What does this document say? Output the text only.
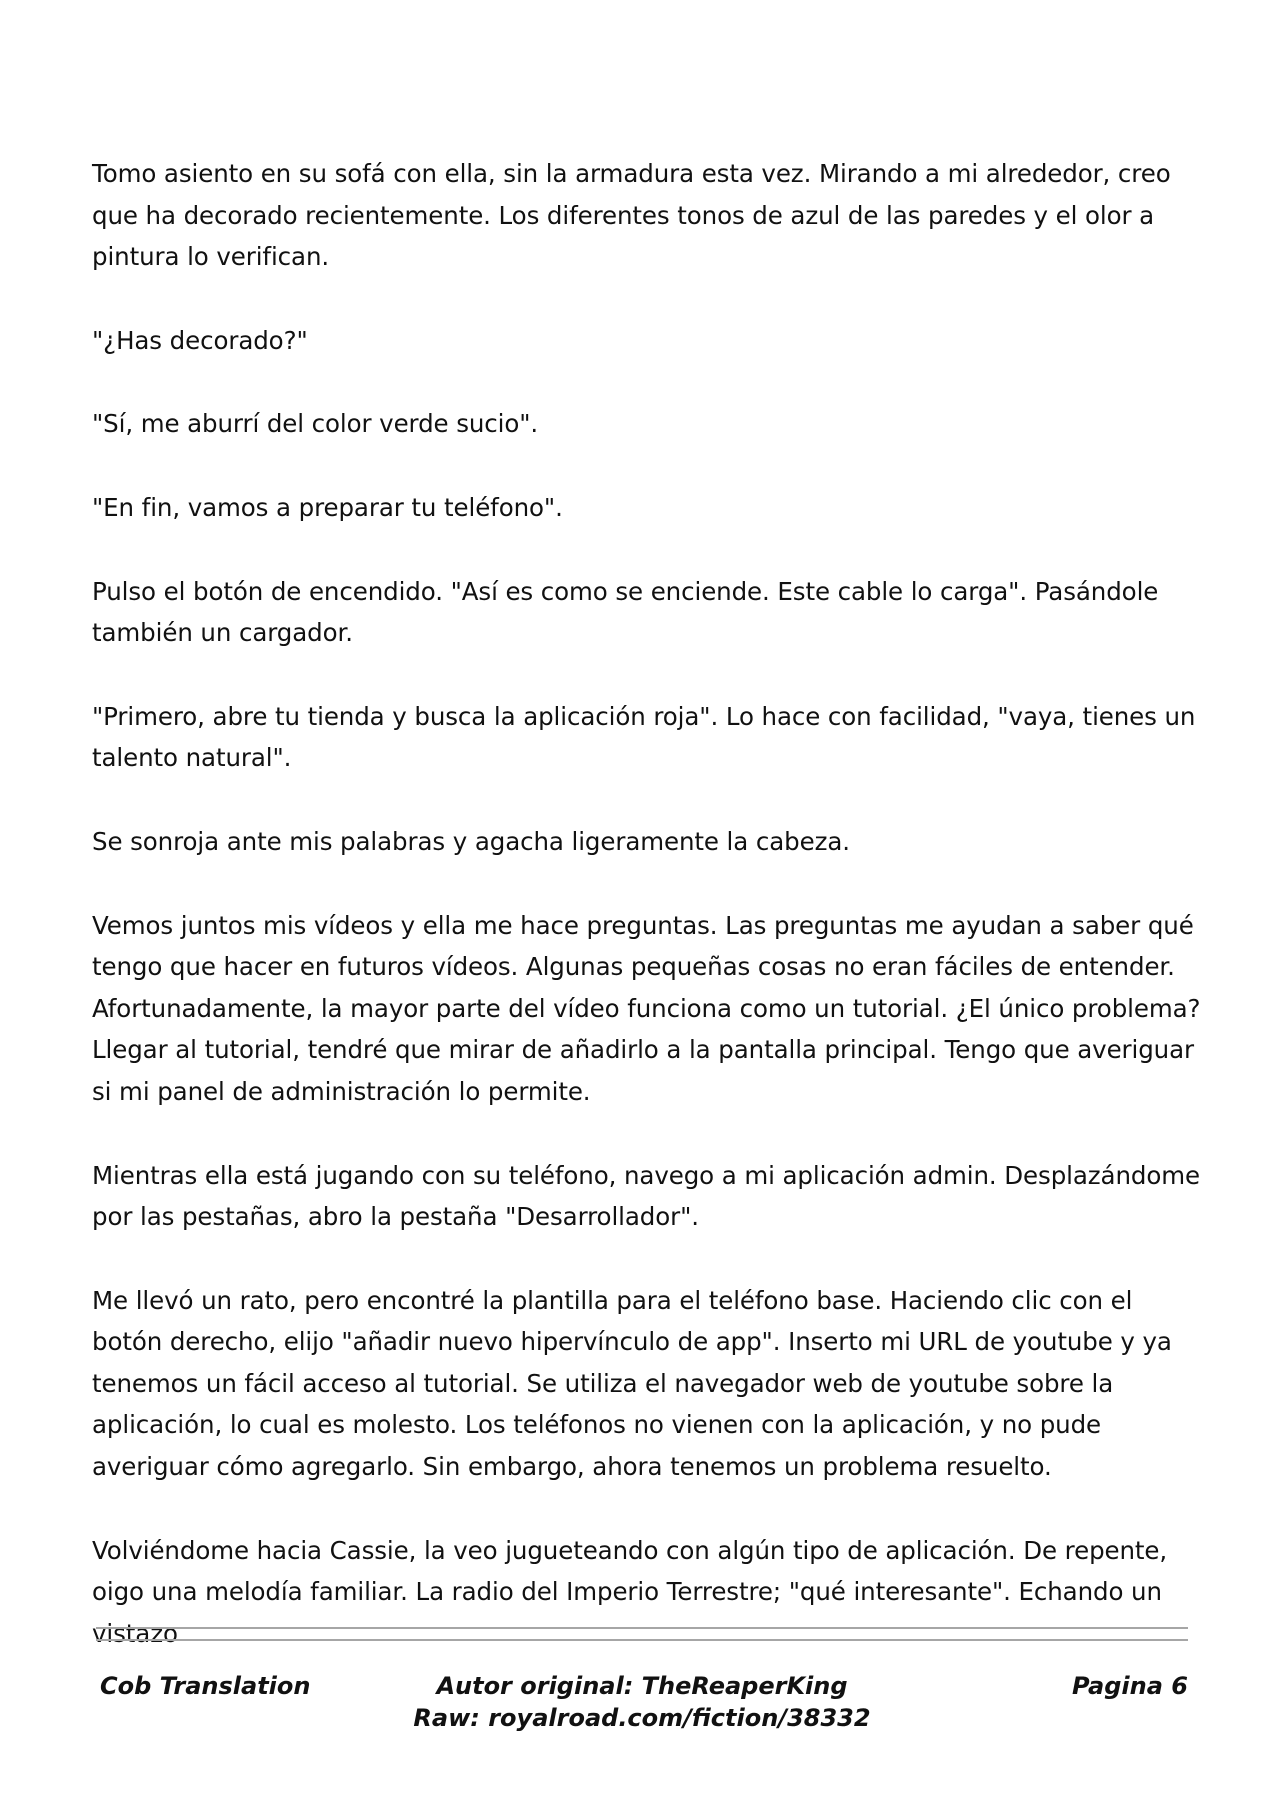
Tomo asiento en su sofá con ella, sin la armadura esta vez. Mirando a mi alrededor, creo que ha decorado recientemente. Los diferentes tonos de azul de las paredes y el olor a pintura lo verifican.

"¿Has decorado?"

"Sí, me aburrí del color verde sucio".

"En fin, vamos a preparar tu teléfono".

Pulso el botón de encendido. "Así es como se enciende. Este cable lo carga". Pasándole también un cargador.

"Primero, abre tu tienda y busca la aplicación roja". Lo hace con facilidad, "vaya, tienes un talento natural".

Se sonroja ante mis palabras y agacha ligeramente la cabeza.

Vemos juntos mis vídeos y ella me hace preguntas. Las preguntas me ayudan a saber qué tengo que hacer en futuros vídeos. Algunas pequeñas cosas no eran fáciles de entender. Afortunadamente, la mayor parte del vídeo funciona como un tutorial. ¿El único problema? Llegar al tutorial, tendré que mirar de añadirlo a la pantalla principal. Tengo que averiguar si mi panel de administración lo permite.

Mientras ella está jugando con su teléfono, navego a mi aplicación admin. Desplazándome por las pestañas, abro la pestaña "Desarrollador".

Me llevó un rato, pero encontré la plantilla para el teléfono base. Haciendo clic con el botón derecho, elijo "añadir nuevo hipervínculo de app". Inserto mi URL de youtube y ya tenemos un fácil acceso al tutorial. Se utiliza el navegador web de youtube sobre la aplicación, lo cual es molesto. Los teléfonos no vienen con la aplicación, y no pude averiguar cómo agregarlo. Sin embargo, ahora tenemos un problema resuelto.

Volviéndome hacia Cassie, la veo jugueteando con algún tipo de aplicación. De repente, oigo una melodía familiar. La radio del Imperio Terrestre; "qué interesante". Echando un vistazo

Cob Translation	Autor original: TheReaperKing
Raw: royalroad.com/fiction/38332
Pagina 6
